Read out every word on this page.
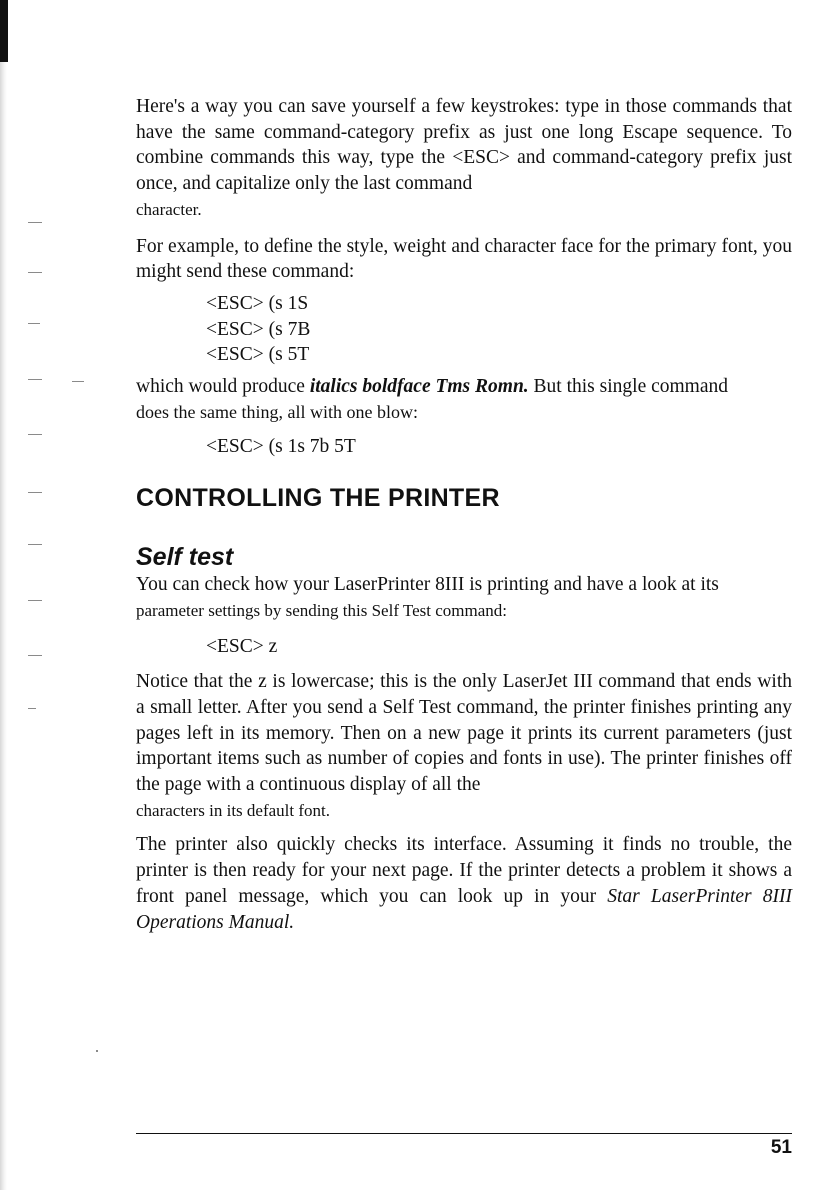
Here's a way you can save yourself a few keystrokes: type in those commands that have the same command-category prefix as just one long Escape sequence. To combine commands this way, type the <ESC> and command-category prefix just once, and capitalize only the last command
character.

For example, to define the style, weight and character face for the primary font, you might send these command:

<ESC> (s 1S
<ESC> (s 7B
<ESC> (s 5T

which would produce italics boldface Tms Romn. But this single command
does the same thing, all with one blow:

<ESC> (s 1s 7b 5T
CONTROLLING THE PRINTER
Self test

You can check how your LaserPrinter 8III is printing and have a look at its
parameter settings by sending this Self Test command:

<ESC> z

Notice that the z is lowercase; this is the only LaserJet III command that ends with a small letter. After you send a Self Test command, the printer finishes printing any pages left in its memory. Then on a new page it prints its current parameters (just important items such as number of copies and fonts in use). The printer finishes off the page with a continuous display of all the
characters in its default font.

The printer also quickly checks its interface. Assuming it finds no trouble, the printer is then ready for your next page. If the printer detects a problem it shows a front panel message, which you can look up in your Star LaserPrinter 8III Operations Manual.

51
